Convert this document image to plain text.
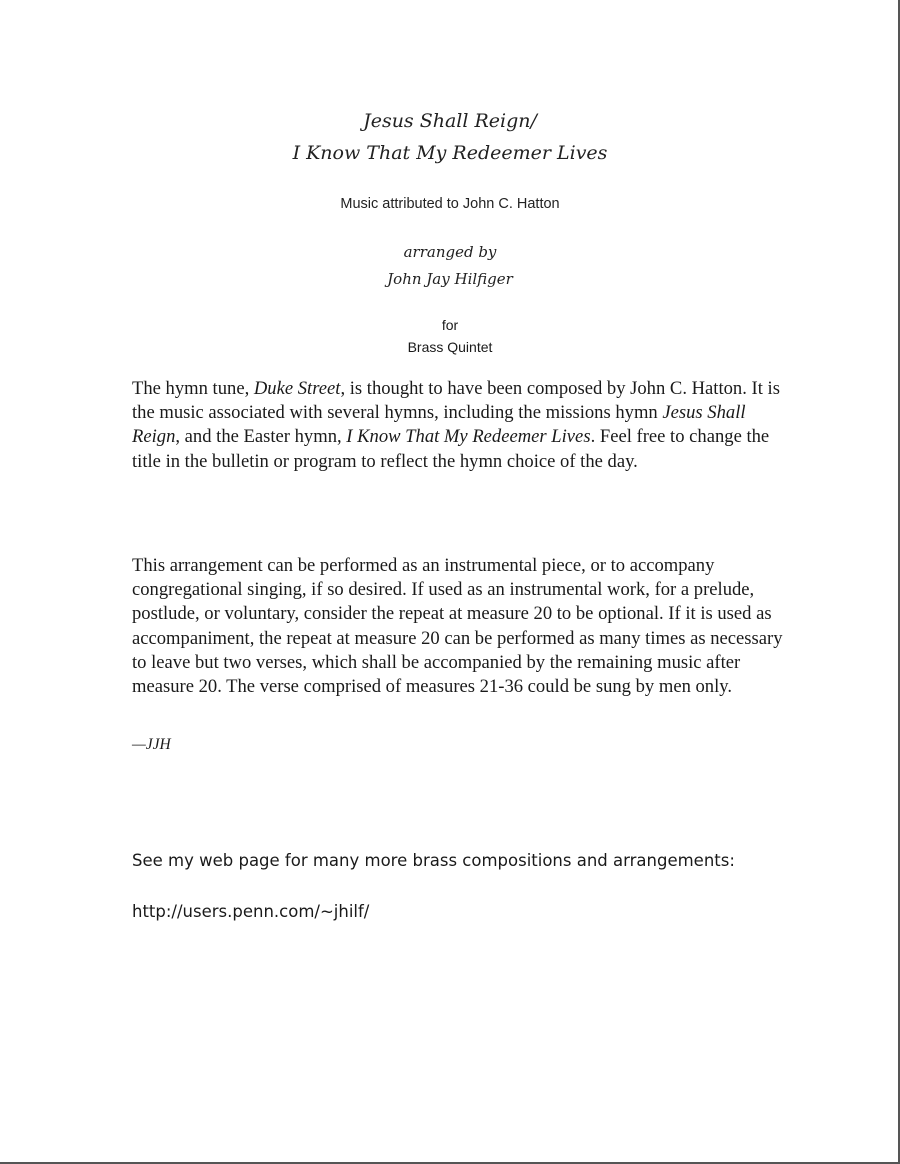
Jesus Shall Reign/
I Know That My Redeemer Lives
Music attributed to John C. Hatton
arranged by
John Jay Hilfiger
for
Brass Quintet

The hymn tune, Duke Street, is thought to have been composed by John C. Hatton. It is the music associated with several hymns, including the missions hymn Jesus Shall Reign, and the Easter hymn, I Know That My Redeemer Lives. Feel free to change the title in the bulletin or program to reflect the hymn choice of the day.

This arrangement can be performed as an instrumental piece, or to accompany congregational singing, if so desired. If used as an instrumental work, for a prelude, postlude, or voluntary, consider the repeat at measure 20 to be optional. If it is used as accompaniment, the repeat at measure 20 can be performed as many times as necessary to leave but two verses, which shall be accompanied by the remaining music after measure 20. The verse comprised of measures 21-36 could be sung by men only.

—JJH
See my web page for many more brass compositions and arrangements:
http://users.penn.com/~jhilf/
